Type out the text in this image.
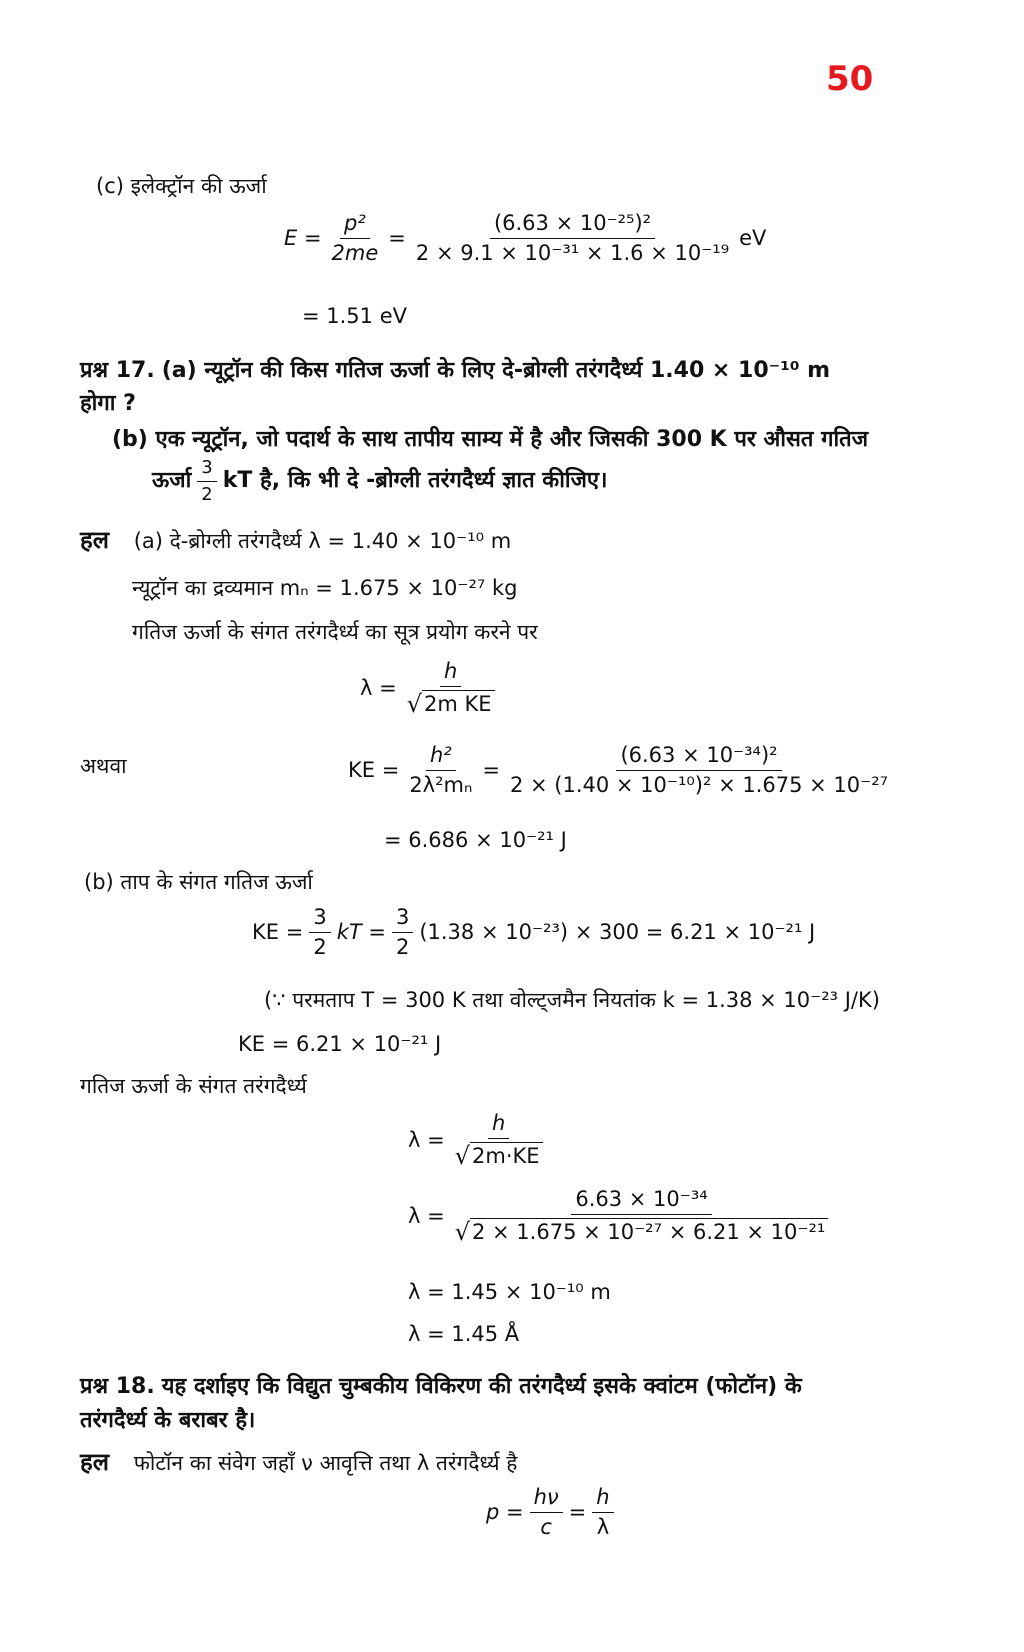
50
(c) इलेक्ट्रॉन की ऊर्जा
$E = \frac{\text{p²}}{2me} = \frac{\text{(6.63 × 10⁻²⁵)²}}{\text{2 × 9.1 × 10⁻³¹ × 1.6 × 10⁻¹⁹}}$ eV
= 1.51 eV
प्रश्न 17. (a) न्यूट्रॉन की किस गतिज ऊर्जा के लिए दे-ब्रोग्ली तरंगदैर्ध्य 1.40 × 10⁻¹⁰ m
होगा ?
(b) एक न्यूट्रॉन, जो पदार्थ के साथ तापीय साम्य में है और जिसकी 300 K पर औसत गतिज
ऊर्जा $\frac{3}{2}$ kT है, कि भी दे -ब्रोग्ली तरंगदैर्ध्य ज्ञात कीजिए।
हल (a) दे-ब्रोग्ली तरंगदैर्ध्य λ = 1.40 × 10⁻¹⁰ m
न्यूट्रॉन का द्रव्यमान mₙ = 1.675 × 10⁻²⁷ kg
गतिज ऊर्जा के संगत तरंगदैर्ध्य का सूत्र प्रयोग करने पर
$\lambda = \frac{h}{\text{√ 2m KE}}$
अथवा	KE = $\frac{\text{h²}}{\text{2λ²mₙ}} = \frac{\text{(6.63 × 10⁻³⁴)²}}{\text{2 × (1.40 × 10⁻¹⁰)² × 1.675 × 10⁻²⁷}}$
= 6.686 × 10⁻²¹ J
(b) ताप के संगत गतिज ऊर्जा
KE = $\frac{3}{2}$ kT = $\frac{3}{2} (1.38 \times 10^{-23}) \times 300 = 6.21 \times 10^{-21}$ J
(∵ परमताप T = 300 K तथा वोल्ट्जमैन नियतांक k = 1.38 × 10⁻²³ J/K)
KE = 6.21 × 10⁻²¹ J
गतिज ऊर्जा के संगत तरंगदैर्ध्य
$\lambda = \frac{h}{√ 2m\cdot KE}$
$\lambda = \frac{\text{6.63 × 10⁻³⁴}}{\text{√ 2 × 1.675 × 10⁻²⁷ × 6.21 × 10⁻²¹}}$
λ = 1.45 × 10⁻¹⁰ m
λ = 1.45 Å
प्रश्न 18. यह दर्शाइए कि विद्युत चुम्बकीय विकिरण की तरंगदैर्ध्य इसके क्वांटम (फोटॉन) के
तरंगदैर्ध्य के बराबर है।
हल फोटॉन का संवेग जहाँ ν आवृत्ति तथा λ तरंगदैर्ध्य है
$p = \frac{h\nu}{c} = \frac{h}{\lambda}$
